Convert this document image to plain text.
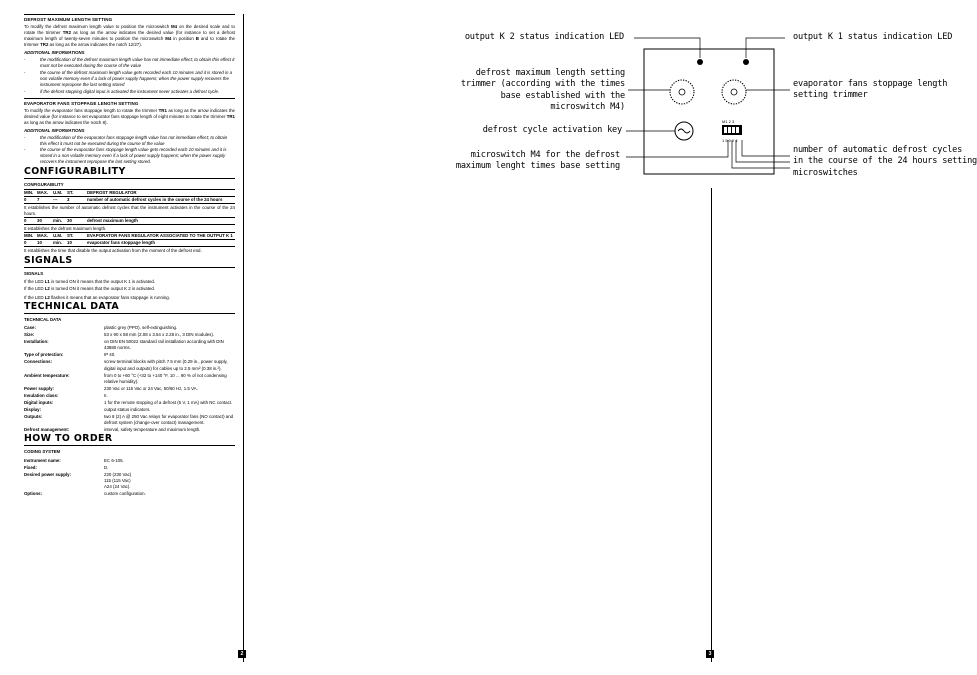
DEFROST MAXIMUM LENGTH SETTING
To modify the defrost maximum length value to position the microswitch M4 on the desired scale and to rotate the trimmer TR2 as long as the arrow indicates the desired value (for instance to set a defrost maximum length of twenty-seven minutes to position the microswitch M4 in position B and to rotate the trimmer TR2 as long as the arrow indicates the notch 12/27).
ADDITIONAL INFORMATIONS
-	the modification of the defrost maximum length value has not immediate effect; to obtain this effect it must not be executed during the course of the value
-	the course of the defrost maximum length value gets recorded each 10 minutes and it is stored in a non volatile memory even if a lack of power supply happens; when the power supply recovers the instrument repropose the last setting stored
-	if the defrost stopping digital input is activated the instrument never activates a defrost cycle.
EVAPORATOR FANS STOPPAGE LENGTH SETTING
To modify the evaporator fans stoppage length to rotate the trimmer TR1 as long as the arrow indicates the desired value (for instance to set evaporator fans stoppage length of eight minutes to rotate the trimmer TR1 as long as the arrow indicates the notch 8).
ADDITIONAL INFORMATIONS
-	the modification of the evaporator fans stoppage length value has not immediate effect; to obtain this effect it must not be executed during the course of the value
-	the course of the evaporator fans stoppage length value gets recorded each 10 minutes and it is stored in a non volatile memory even if a lack of power supply happens; when the power supply recovers the instrument repropose the last setting stored.
CONFIGURABILITY
CONFIGURABILITY
MIN. MAX.	U.M.	ST.	DEFROST REGULATOR
0	7	---	3	number of automatic defrost cycles in the course of the 24 hours
It establishes the number of automatic defrost cycles that the instrument activates in the course of the 24 hours.
0	30	min.	30	defrost maximum length
It establishes the defrost maximum length.
MIN. MAX.	U.M.	ST.	EVAPORATOR FANS REGULATOR ASSOCIATED TO THE OUTPUT K 1
0	10	min.	10	evaporator fans stoppage length
It establishes the time that disable the output activation from the moment of the defrost end.
SIGNALS
SIGNALS
If the LED L1 is turned ON it means that the output K 1 is activated.
If the LED L2 is turned ON it means that the output K 2 is activated.
If the LED L2 flashes it means that an evaporator fans stoppage is running.
TECHNICAL DATA
TECHNICAL DATA
Case:	plastic grey (PPO), self-extinguishing.
Size:	53 x 90 x 58 mm (2.08 x 3.54 x 2.28 in., 3 DIN modules).
Installation:	on DIN EN 50022 standard rail installation according with DIN 43880 norms.
Type of protection:	IP 40.
Connections:	screw terminal blocks with pitch 7.5 mm (0.29 in., power supply, digital input and outputs) for cables up to 2.5 mm² (0.38 in.²).
Ambient temperature:	from 0 to +60 °C (+32 to +140 °F, 10 ... 90 % of not condensing relative humidity).
Power supply:	230 Vac or 115 Vac or 24 Vac, 50/60 Hz, 1.5 VA.
Insulation class:	II.
Digital inputs:	1 for the remote stopping of a defrost (5 V, 1 mA) with NC contact.
Display:	output status indicators.
Outputs:	two 8 (2) A @ 250 Vac relays for evaporator fans (NO contact) and defrost system (change-over contact) management.
Defrost management:	interval, safety temperature and maximum length.
HOW TO ORDER
CODING SYSTEM
Instrument name:	EC 6-105.
Fixed:	D.
Desired power supply:	220 (230 Vac)
115 (115 Vac)
A24 (24 Vac).
Options:	custom configuration.
2
M1 2 3
1 5 0 2 4
output K 2 status indication LED	output K 1 status indication LED
defrost maximum length setting
trimmer (according with the times
base established with the
microswitch M4)
evaporator fans stoppage length
setting trimmer
defrost cycle activation key
microswitch M4 for the defrost
maximum lenght times base setting
number of automatic defrost cycles
in the course of the 24 hours setting
microswitches
3
